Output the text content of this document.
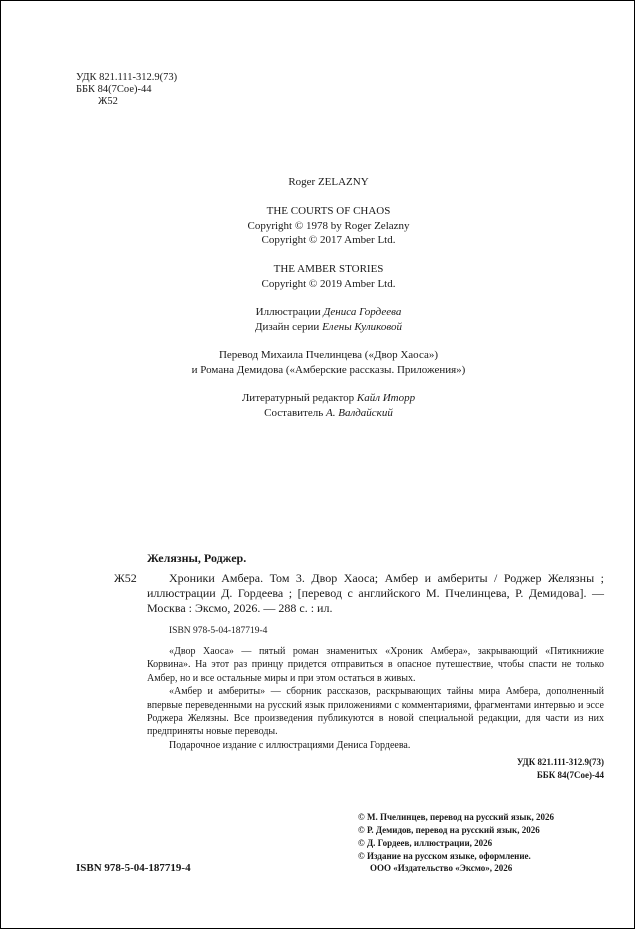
УДК 821.111-312.9(73)
ББК 84(7Сое)-44
Ж52
Roger ZELAZNY
THE COURTS OF CHAOS
Copyright © 1978 by Roger Zelazny
Copyright © 2017 Amber Ltd.
THE AMBER STORIES
Copyright © 2019 Amber Ltd.
Иллюстрации Дениса Гордеева
Дизайн серии Елены Куликовой
Перевод Михаила Пчелинцева («Двор Хаоса»)
и Романа Демидова («Амберские рассказы. Приложения»)
Литературный редактор Кайл Иторр
Составитель А. Валдайский
Ж52
Желязны, Роджер.
Хроники Амбера. Том 3. Двор Хаоса; Амбер и амбериты / Роджер Желязны ; иллюстрации Д. Гордеева ; [перевод с английского М. Пчелинцева, Р. Демидова]. — Москва : Эксмо, 2026. — 288 с. : ил.
ISBN 978-5-04-187719-4

«Двор Хаоса» — пятый роман знаменитых «Хроник Амбера», закрывающий «Пятикнижие Корвина». На этот раз принцу придется отправиться в опасное путешествие, чтобы спасти не только Амбер, но и все остальные миры и при этом остаться в живых.

«Амбер и амбериты» — сборник рассказов, раскрывающих тайны мира Амбера, дополненный впервые переведенными на русский язык приложениями с комментариями, фрагментами интервью и эссе Роджера Желязны. Все произведения публикуются в новой специальной редакции, для части из них предприняты новые переводы.

Подарочное издание с иллюстрациями Дениса Гордеева.

УДК 821.111-312.9(73)
ББК 84(7Сое)-44
ISBN 978-5-04-187719-4
© М. Пчелинцев, перевод на русский язык, 2026
© Р. Демидов, перевод на русский язык, 2026
© Д. Гордеев, иллюстрации, 2026
© Издание на русском языке, оформление.
ООО «Издательство «Эксмо», 2026
